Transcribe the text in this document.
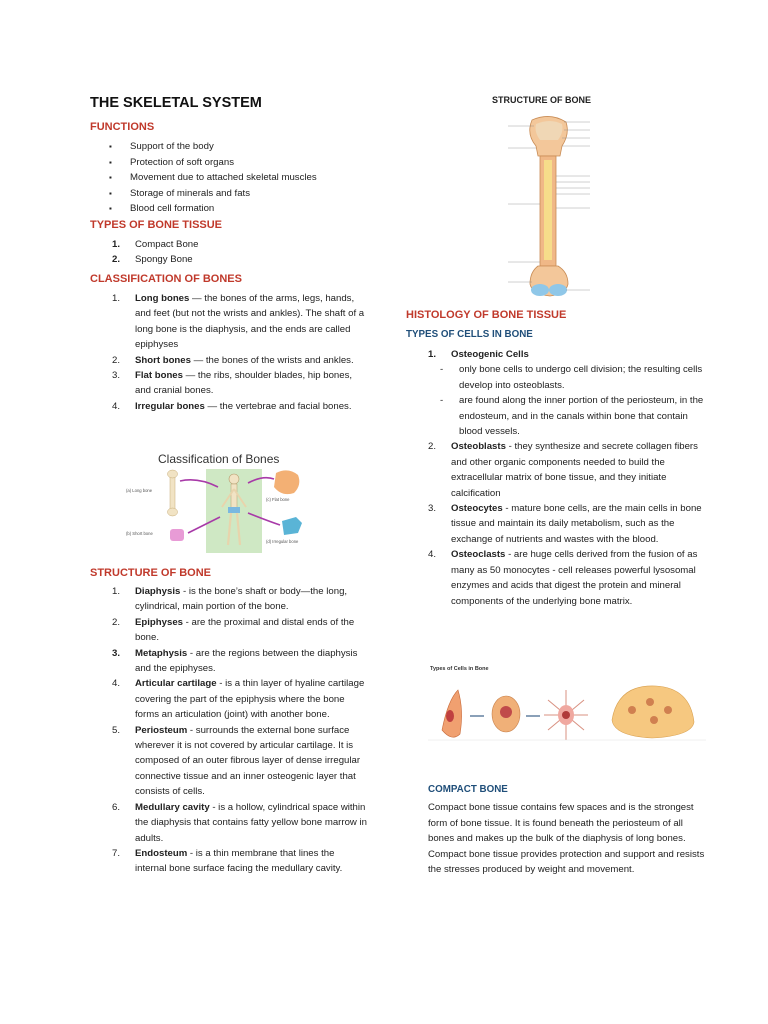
THE SKELETAL SYSTEM
FUNCTIONS
▪ Support of the body
▪ Protection of soft organs
▪ Movement due to attached skeletal muscles
▪ Storage of minerals and fats
▪ Blood cell formation
TYPES OF BONE TISSUE
1. Compact Bone
2. Spongy Bone
CLASSIFICATION OF BONES
1. Long bones — the bones of the arms, legs, hands, and feet (but not the wrists and ankles). The shaft of a long bone is the diaphysis, and the ends are called epiphyses
2. Short bones — the bones of the wrists and ankles.
3. Flat bones — the ribs, shoulder blades, hip bones, and cranial bones.
4. Irregular bones — the vertebrae and facial bones.
Classification of Bones
(a) Long bone
(b) Short bone
(c) Flat bone
(d) Irregular bone
STRUCTURE OF BONE
1. Diaphysis - is the bone’s shaft or body—the long, cylindrical, main portion of the bone.
2. Epiphyses - are the proximal and distal ends of the bone.
3. Metaphysis - are the regions between the diaphysis and the epiphyses.
4. Articular cartilage - is a thin layer of hyaline cartilage covering the part of the epiphysis where the bone forms an articulation (joint) with another bone.
5. Periosteum - surrounds the external bone surface wherever it is not covered by articular cartilage. It is composed of an outer fibrous layer of dense irregular connective tissue and an inner osteogenic layer that consists of cells.
6. Medullary cavity - is a hollow, cylindrical space within the diaphysis that contains fatty yellow bone marrow in adults.
7. Endosteum - is a thin membrane that lines the internal bone surface facing the medullary cavity.
STRUCTURE OF BONE
HISTOLOGY OF BONE TISSUE
TYPES OF CELLS IN BONE
1. Osteogenic Cells
- only bone cells to undergo cell division; the resulting cells develop into osteoblasts.
- are found along the inner portion of the periosteum, in the endosteum, and in the canals within bone that contain blood vessels.
2. Osteoblasts - they synthesize and secrete collagen fibers and other organic components needed to build the extracellular matrix of bone tissue, and they initiate calcification
3. Osteocytes - mature bone cells, are the main cells in bone tissue and maintain its daily metabolism, such as the exchange of nutrients and wastes with the blood.
4. Osteoclasts - are huge cells derived from the fusion of as many as 50 monocytes - cell releases powerful lysosomal enzymes and acids that digest the protein and mineral components of the underlying bone matrix.
Types of Cells in Bone
COMPACT BONE
Compact bone tissue contains few spaces and is the strongest form of bone tissue. It is found beneath the periosteum of all bones and makes up the bulk of the diaphysis of long bones. Compact bone tissue provides protection and support and resists the stresses produced by weight and movement.
